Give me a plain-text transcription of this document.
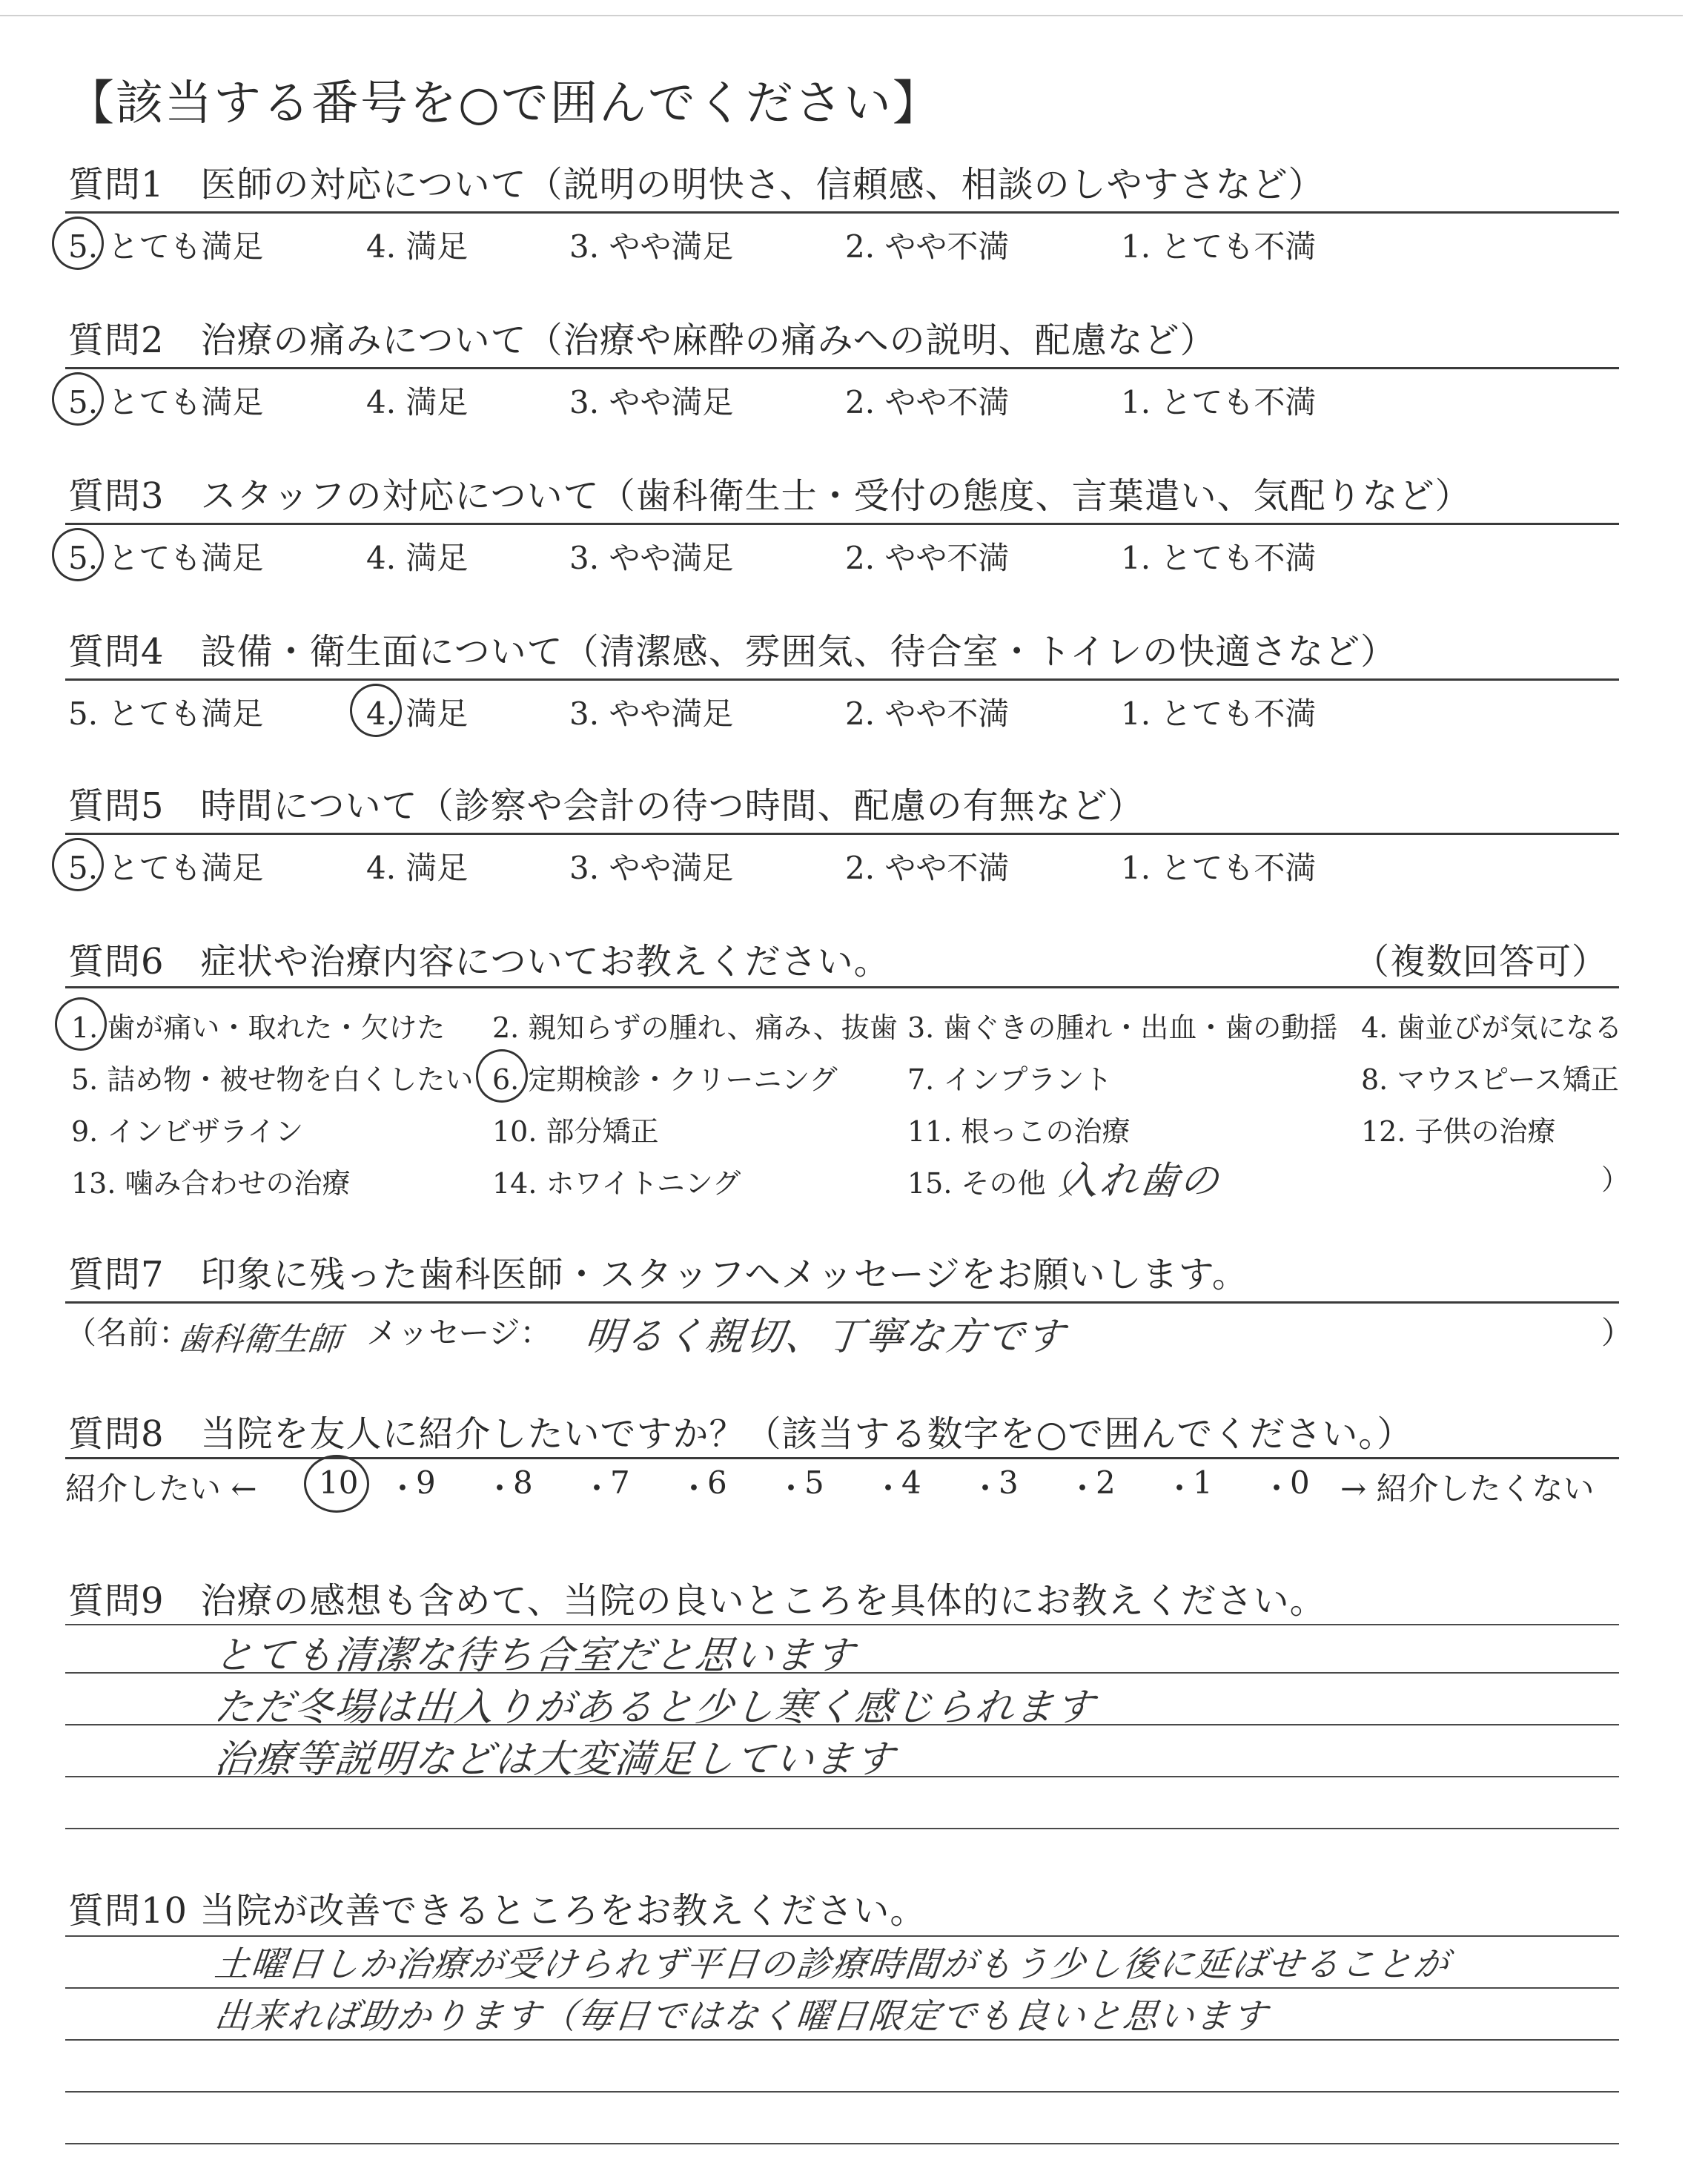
【該当する番号を○で囲んでください】
質問6　症状や治療内容についてお教えください。	（複数回答可）
）
入れ歯の
質問7　印象に残った歯科医師・スタッフへメッセージをお願いします。
（名前：
歯科衛生師 メッセージ： 明るく親切、丁寧な方です	）
質問8　当院を友人に紹介したいですか？（該当する数字を○で囲んでください。）
紹介したい ←	→ 紹介したくない
質問9　治療の感想も含めて、当院の良いところを具体的にお教えください。
質問10 当院が改善できるところをお教えください。
質問1　医師の対応について（説明の明快さ、信頼感、相談のしやすさなど）
5. とても満足	4. 満足	3. やや満足	2. やや不満	1. とても不満
質問2　治療の痛みについて（治療や麻酔の痛みへの説明、配慮など）
5. とても満足	4. 満足	3. やや満足	2. やや不満	1. とても不満
質問3　スタッフの対応について（歯科衛生士・受付の態度、言葉遣い、気配りなど）
5. とても満足	4. 満足	3. やや満足	2. やや不満	1. とても不満
質問4　設備・衛生面について（清潔感、雰囲気、待合室・トイレの快適さなど）
5. とても満足	4. 満足	3. やや満足	2. やや不満	1. とても不満
質問5　時間について（診察や会計の待つ時間、配慮の有無など）
5. とても満足	4. 満足	3. やや満足	2. やや不満	1. とても不満
1. 歯が痛い・取れた・欠けた 2. 親知らずの腫れ、痛み、抜歯 3. 歯ぐきの腫れ・出血・歯の動揺 4. 歯並びが気になる
5. 詰め物・被せ物を白くしたい 6. 定期検診・クリーニング 7. インプラント	8. マウスピース矯正
9. インビザライン	10. 部分矯正	11. 根っこの治療	12. 子供の治療
13. 噛み合わせの治療	14. ホワイトニング	15. その他（
10 ・
9 ・
8 ・
7 ・
6 ・
5 ・
4 ・
3 ・
2 ・
1 ・
0
とても清潔な待ち合室だと思います
ただ冬場は出入りがあると少し寒く感じられます
治療等説明などは大変満足しています
土曜日しか治療が受けられず平日の診療時間がもう少し後に延ばせることが
出来れば助かります（毎日ではなく曜日限定でも良いと思います
